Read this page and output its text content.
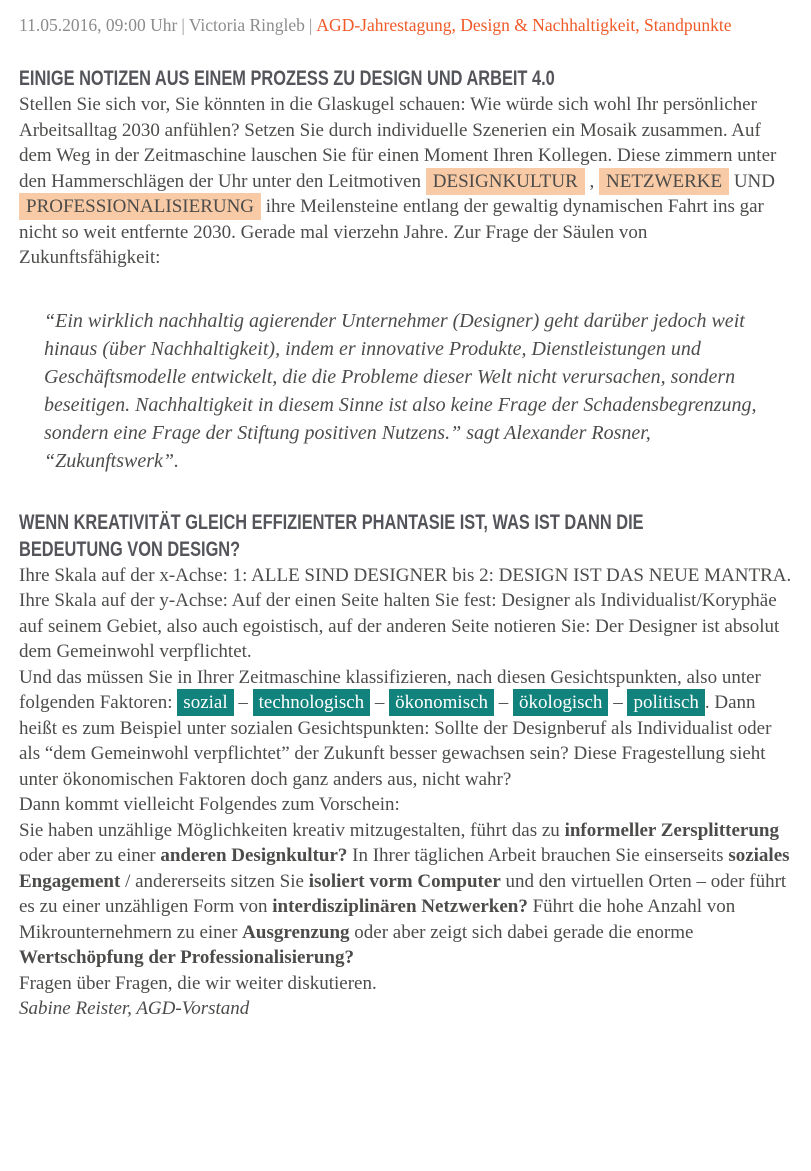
11.05.2016, 09:00 Uhr | Victoria Ringleb | AGD-Jahrestagung, Design & Nachhaltigkeit, Standpunkte
EINIGE NOTIZEN AUS EINEM PROZESS ZU DESIGN UND ARBEIT 4.0

Stellen Sie sich vor, Sie könnten in die Glaskugel schauen: Wie würde sich wohl Ihr persönlicher Arbeitsalltag 2030 anfühlen? Setzen Sie durch individuelle Szenerien ein Mosaik zusammen. Auf dem Weg in der Zeitmaschine lauschen Sie für einen Moment Ihren Kollegen. Diese zimmern unter den Hammerschlägen der Uhr unter den Leitmotiven DESIGNKULTUR , NETZWERKE UND PROFESSIONALISIERUNG ihre Meilensteine entlang der gewaltig dynamischen Fahrt ins gar nicht so weit entfernte 2030. Gerade mal vierzehn Jahre. Zur Frage der Säulen von Zukunftsfähigkeit:

“Ein wirklich nachhaltig agierender Unternehmer (Designer) geht darüber jedoch weit hinaus (über Nachhaltigkeit), indem er innovative Produkte, Dienstleistungen und Geschäftsmodelle entwickelt, die die Probleme dieser Welt nicht verursachen, sondern beseitigen. Nachhaltigkeit in diesem Sinne ist also keine Frage der Schadensbegrenzung, sondern eine Frage der Stiftung positiven Nutzens.” sagt Alexander Rosner, “Zukunftswerk”.
WENN KREATIVITÄT GLEICH EFFIZIENTER PHANTASIE IST, WAS IST DANN DIE BEDEUTUNG VON DESIGN?

Ihre Skala auf der x-Achse: 1: ALLE SIND DESIGNER bis 2: DESIGN IST DAS NEUE MANTRA.

Ihre Skala auf der y-Achse: Auf der einen Seite halten Sie fest: Designer als Individualist/Koryphäe auf seinem Gebiet, also auch egoistisch, auf der anderen Seite notieren Sie: Der Designer ist absolut dem Gemeinwohl verpflichtet.

Und das müssen Sie in Ihrer Zeitmaschine klassifizieren, nach diesen Gesichtspunkten, also unter folgenden Faktoren: sozial – technologisch – ökonomisch – ökologisch – politisch . Dann heißt es zum Beispiel unter sozialen Gesichtspunkten: Sollte der Designberuf als Individualist oder als “dem Gemeinwohl verpflichtet” der Zukunft besser gewachsen sein? Diese Fragestellung sieht unter ökonomischen Faktoren doch ganz anders aus, nicht wahr?

Dann kommt vielleicht Folgendes zum Vorschein:
Sie haben unzählige Möglichkeiten kreativ mitzugestalten, führt das zu informeller Zersplitterung oder aber zu einer anderen Designkultur? In Ihrer täglichen Arbeit brauchen Sie einserseits soziales Engagement / andererseits sitzen Sie isoliert vorm Computer und den virtuellen Orten – oder führt es zu einer unzähligen Form von interdisziplinären Netzwerken? Führt die hohe Anzahl von Mikrounternehmern zu einer Ausgrenzung oder aber zeigt sich dabei gerade die enorme Wertschöpfung der Professionalisierung?

Fragen über Fragen, die wir weiter diskutieren.

Sabine Reister, AGD-Vorstand
